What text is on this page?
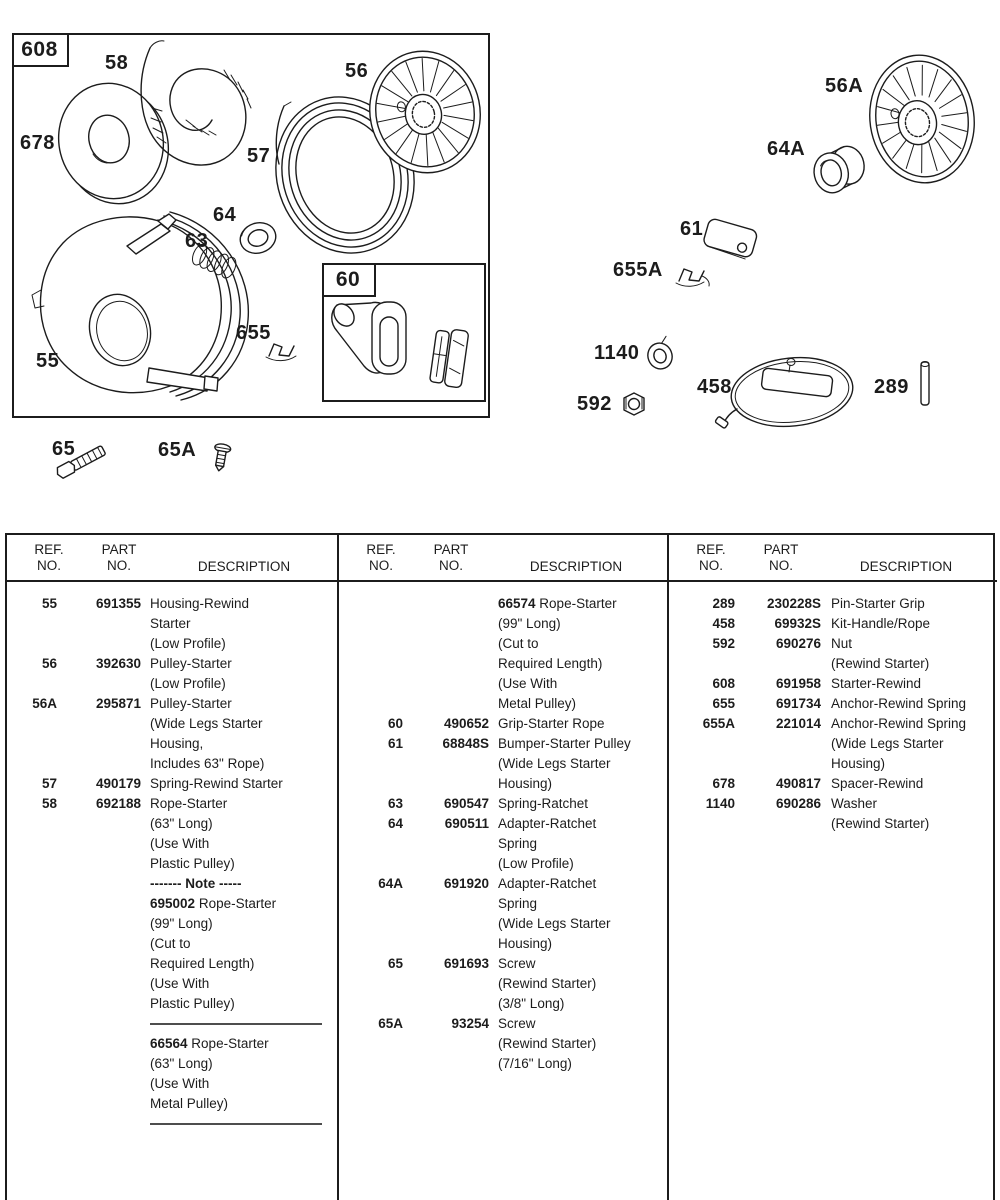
608
60
58
678
57
56
64
63
55
655
56A
64A
61
655A
1140
592
458	289
65	65A
REF.
NO.
PART
NO.	DESCRIPTION
55	691355 Housing-Rewind
Starter
(Low Profile)
56	392630 Pulley-Starter
(Low Profile)
56A	295871 Pulley-Starter
(Wide Legs Starter
Housing,
Includes 63" Rope)
57	490179 Spring-Rewind Starter
58	692188 Rope-Starter
(63" Long)
(Use With
Plastic Pulley)
------- Note -----
695002 Rope-Starter
(99" Long)
(Cut to
Required Length)
(Use With
Plastic Pulley)
66564 Rope-Starter
(63" Long)
(Use With
Metal Pulley)
REF.
NO.
PART
NO.	DESCRIPTION
66574 Rope-Starter
(99" Long)
(Cut to
Required Length)
(Use With
Metal Pulley)
60	490652 Grip-Starter Rope
61	68848S Bumper-Starter Pulley
(Wide Legs Starter
Housing)
63	690547 Spring-Ratchet
64	690511 Adapter-Ratchet
Spring
(Low Profile)
64A	691920 Adapter-Ratchet
Spring
(Wide Legs Starter
Housing)
65	691693 Screw
(Rewind Starter)
(3/8" Long)
65A	93254 Screw
(Rewind Starter)
(7/16" Long)
REF.
NO.
PART
NO.	DESCRIPTION
289	230228S Pin-Starter Grip
458	69932S Kit-Handle/Rope
592	690276 Nut
(Rewind Starter)
608	691958 Starter-Rewind
655	691734 Anchor-Rewind Spring
655A	221014 Anchor-Rewind Spring
(Wide Legs Starter
Housing)
678	490817 Spacer-Rewind
1140	690286 Washer
(Rewind Starter)
